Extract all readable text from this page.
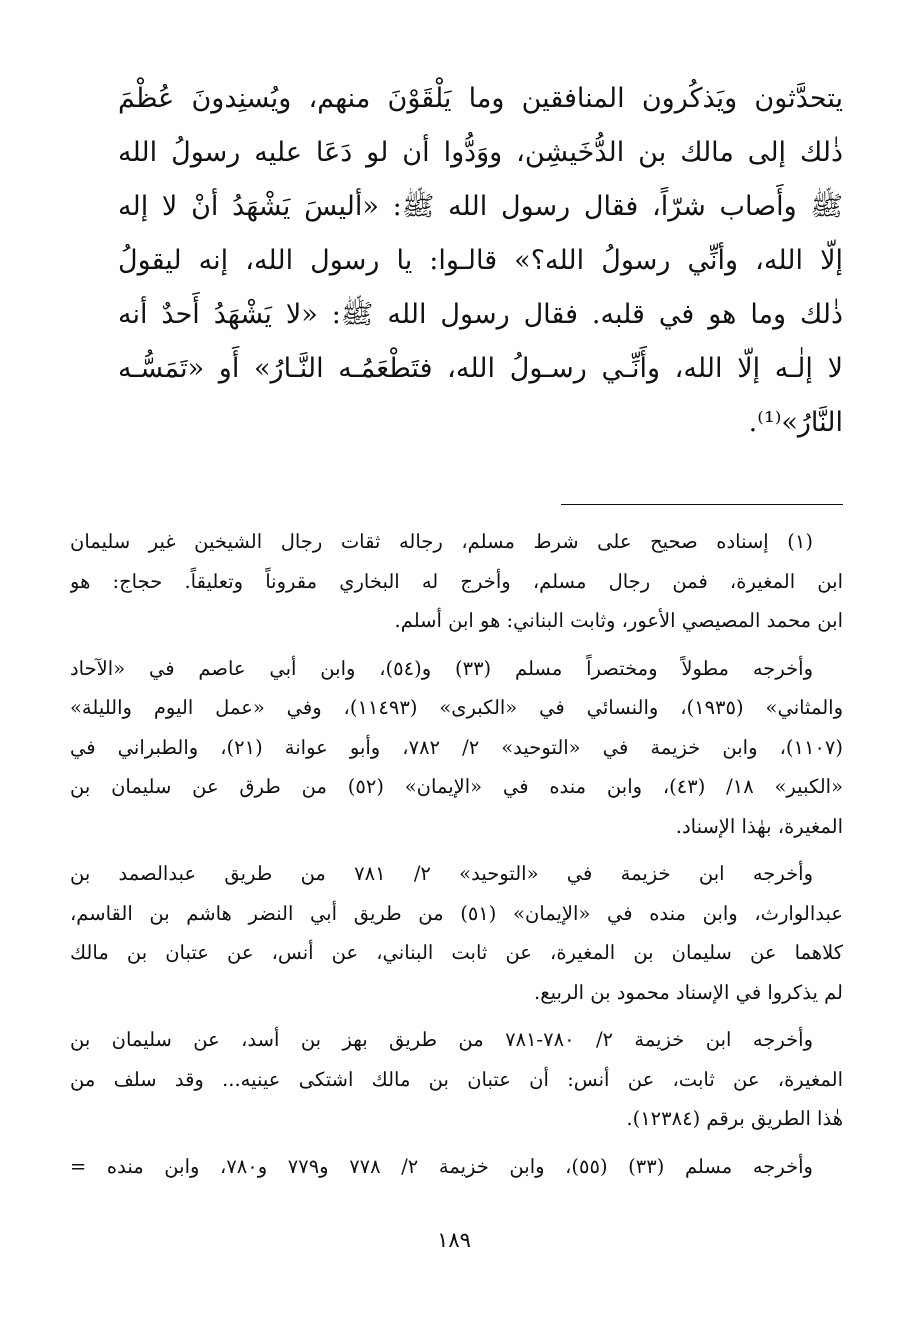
يتحدَّثون ويَذكُرون المنافقين وما يَلْقَوْنَ منهم، ويُسنِدونَ عُظْمَ
ذٰلك إلى مالك بن الدُّخَيشِن، ووَدُّوا أن لو دَعَا عليه رسولُ الله
ﷺ وأَصاب شرّاً، فقال رسول الله ﷺ: «أليسَ يَشْهَدُ أنْ لا إله
إلّا الله، وأنِّي رسولُ الله؟» قالـوا: يا رسول الله، إنه ليقولُ
ذٰلك وما هو في قلبه. فقال رسول الله ﷺ: «لا يَشْهَدُ أَحدٌ أنه
لا إلٰـه إلّا الله، وأَنِّـي رسـولُ الله، فتَطْعَمُـه النَّـارُ» أَو «تَمَسُّـه
النَّارُ»⁽¹⁾.
(١) إسناده صحيح على شرط مسلم، رجاله ثقات رجال الشيخين غير سليمان
ابن المغيرة، فمن رجال مسلم، وأخرج له البخاري مقروناً وتعليقاً. حجاج: هو
ابن محمد المصيصي الأعور، وثابت البناني: هو ابن أسلم.
وأخرجه مطولاً ومختصراً مسلم (٣٣) و(٥٤)، وابن أبي عاصم في «الآحاد
والمثاني» (١٩٣٥)، والنسائي في «الكبرى» (١١٤٩٣)، وفي «عمل اليوم والليلة»
(١١٠٧)، وابن خزيمة في «التوحيد» ٢/ ٧٨٢، وأبو عوانة (٢١)، والطبراني في
«الكبير» ١٨/ (٤٣)، وابن منده في «الإيمان» (٥٢) من طرق عن سليمان بن
المغيرة، بهٰذا الإسناد.
وأخرجه ابن خزيمة في «التوحيد» ٢/ ٧٨١ من طريق عبدالصمد بن
عبدالوارث، وابن منده في «الإيمان» (٥١) من طريق أبي النضر هاشم بن القاسم،
كلاهما عن سليمان بن المغيرة، عن ثابت البناني، عن أنس، عن عتبان بن مالك
لم يذكروا في الإسناد محمود بن الربيع.
وأخرجه ابن خزيمة ٢/ ٧٨٠-٧٨١ من طريق بهز بن أسد، عن سليمان بن
المغيرة، عن ثابت، عن أنس: أن عتبان بن مالك اشتكى عينيه... وقد سلف من
هٰذا الطريق برقم (١٢٣٨٤).
وأخرجه مسلم (٣٣) (٥٥)، وابن خزيمة ٢/ ٧٧٨ و٧٧٩ و٧٨٠، وابن منده =
١٨٩
